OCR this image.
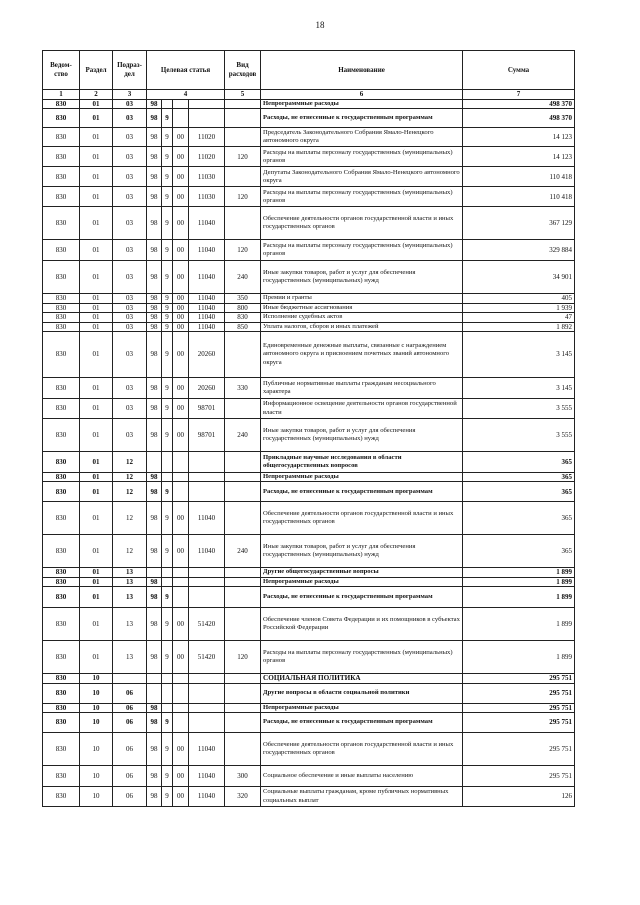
18
Ведом-ство	Раздел	Подраз-дел	Целевая статья				Вид расходов	Наименование	Сумма
1	2	3	4				5	6	7
830	01	03	98					Непрограммные расходы	498 370
830	01	03	98	9				Расходы, не отнесенные к государственным программам	498 370
830	01	03	98	9	00	11020		Председатель Законодательного Собрания Ямало-Ненецкого автономного округа	14 123
830	01	03	98	9	00	11020	120	Расходы на выплаты персоналу государственных (муниципальных) органов	14 123
830	01	03	98	9	00	11030		Депутаты Законодательного Собрания Ямало-Ненецкого автономного округа	110 418
830	01	03	98	9	00	11030	120	Расходы на выплаты персоналу государственных (муниципальных) органов	110 418
830	01	03	98	9	00	11040		Обеспечение деятельности органов государственной власти и иных государственных органов	367 129
830	01	03	98	9	00	11040	120	Расходы на выплаты персоналу государственных (муниципальных) органов	329 884
830	01	03	98	9	00	11040	240	Иные закупки товаров, работ и услуг для обеспечения государственных (муниципальных) нужд	34 901
830	01	03	98	9	00	11040	350	Премии и гранты	405
830	01	03	98	9	00	11040	800	Иные бюджетные ассигнования	1 939
830	01	03	98	9	00	11040	830	Исполнение судебных актов	47
830	01	03	98	9	00	11040	850	Уплата налогов, сборов и иных платежей	1 892
830	01	03	98	9	00	20260		Единовременные денежные выплаты, связанные с награждением автономного округа и присвоением почетных званий автономного округа	3 145
830	01	03	98	9	00	20260	330	Публичные нормативные выплаты гражданам несоциального характера	3 145
830	01	03	98	9	00	98701		Информационное освещение деятельности органов государственной власти	3 555
830	01	03	98	9	00	98701	240	Иные закупки товаров, работ и услуг для обеспечения государственных (муниципальных) нужд	3 555
830	01	12						Прикладные научные исследования в области общегосударственных вопросов	365
830	01	12	98					Непрограммные расходы	365
830	01	12	98	9				Расходы, не отнесенные к государственным программам	365
830	01	12	98	9	00	11040		Обеспечение деятельности органов государственной власти и иных государственных органов	365
830	01	12	98	9	00	11040	240	Иные закупки товаров, работ и услуг для обеспечения государственных (муниципальных) нужд	365
830	01	13						Другие общегосударственные вопросы	1 899
830	01	13	98					Непрограммные расходы	1 899
830	01	13	98	9				Расходы, не отнесенные к государственным программам	1 899
830	01	13	98	9	00	51420		Обеспечение членов Совета Федерации и их помощников в субъектах Российской Федерации	1 899
830	01	13	98	9	00	51420	120	Расходы на выплаты персоналу государственных (муниципальных) органов	1 899
830	10							СОЦИАЛЬНАЯ ПОЛИТИКА	295 751
830	10	06						Другие вопросы в области социальной политики	295 751
830	10	06	98					Непрограммные расходы	295 751
830	10	06	98	9				Расходы, не отнесенные к государственным программам	295 751
830	10	06	98	9	00	11040		Обеспечение деятельности органов государственной власти и иных государственных органов	295 751
830	10	06	98	9	00	11040	300	Социальное обеспечение и иные выплаты населению	295 751
830	10	06	98	9	00	11040	320	Социальные выплаты гражданам, кроме публичных нормативных социальных выплат	126
